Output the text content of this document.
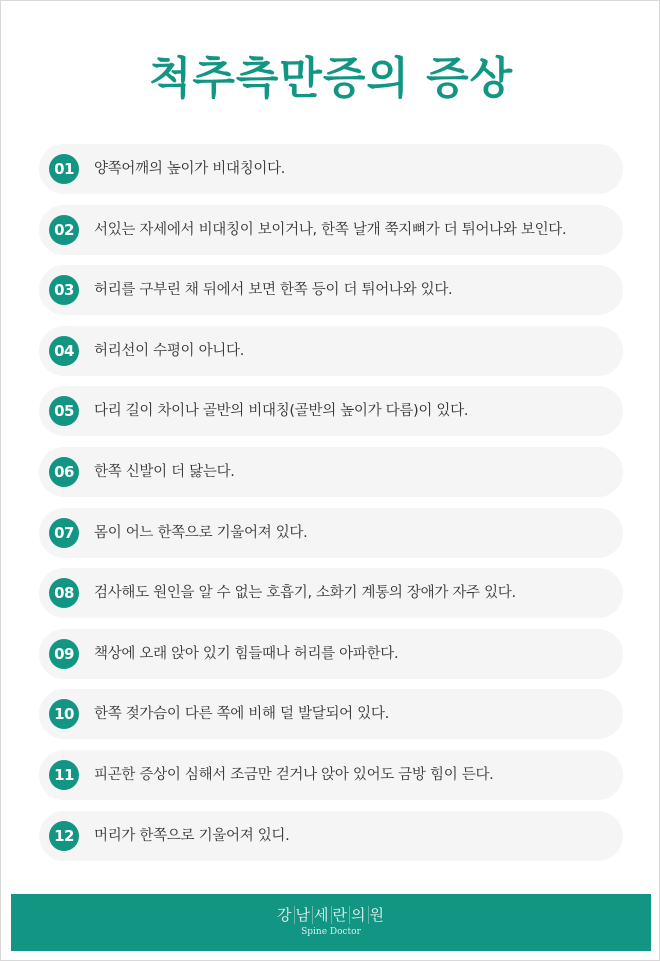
척추측만증의 증상
01	양쪽어깨의 높이가 비대칭이다.
02	서있는 자세에서 비대칭이 보이거나, 한쪽 날개 쭉지뼈가 더 튀어나와 보인다.
03	허리를 구부린 채 뒤에서 보면 한쪽 등이 더 튀어나와 있다.
04	허리선이 수평이 아니다.
05	다리 길이 차이나 골반의 비대칭(골반의 높이가 다름)이 있다.
06	한쪽 신발이 더 닳는다.
07	몸이 어느 한쪽으로 기울어져 있다.
08	검사해도 원인을 알 수 없는 호흡기, 소화기 계통의 장애가 자주 있다.
09	책상에 오래 앉아 있기 힘들때나 허리를 아파한다.
10	한쪽 젖가슴이 다른 쪽에 비해 덜 발달되어 있다.
11	피곤한 증상이 심해서 조금만 걷거나 앉아 있어도 금방 힘이 든다.
12	머리가 한쪽으로 기울어져 있디.
강 남 세 란 의 원
Spine Doctor
